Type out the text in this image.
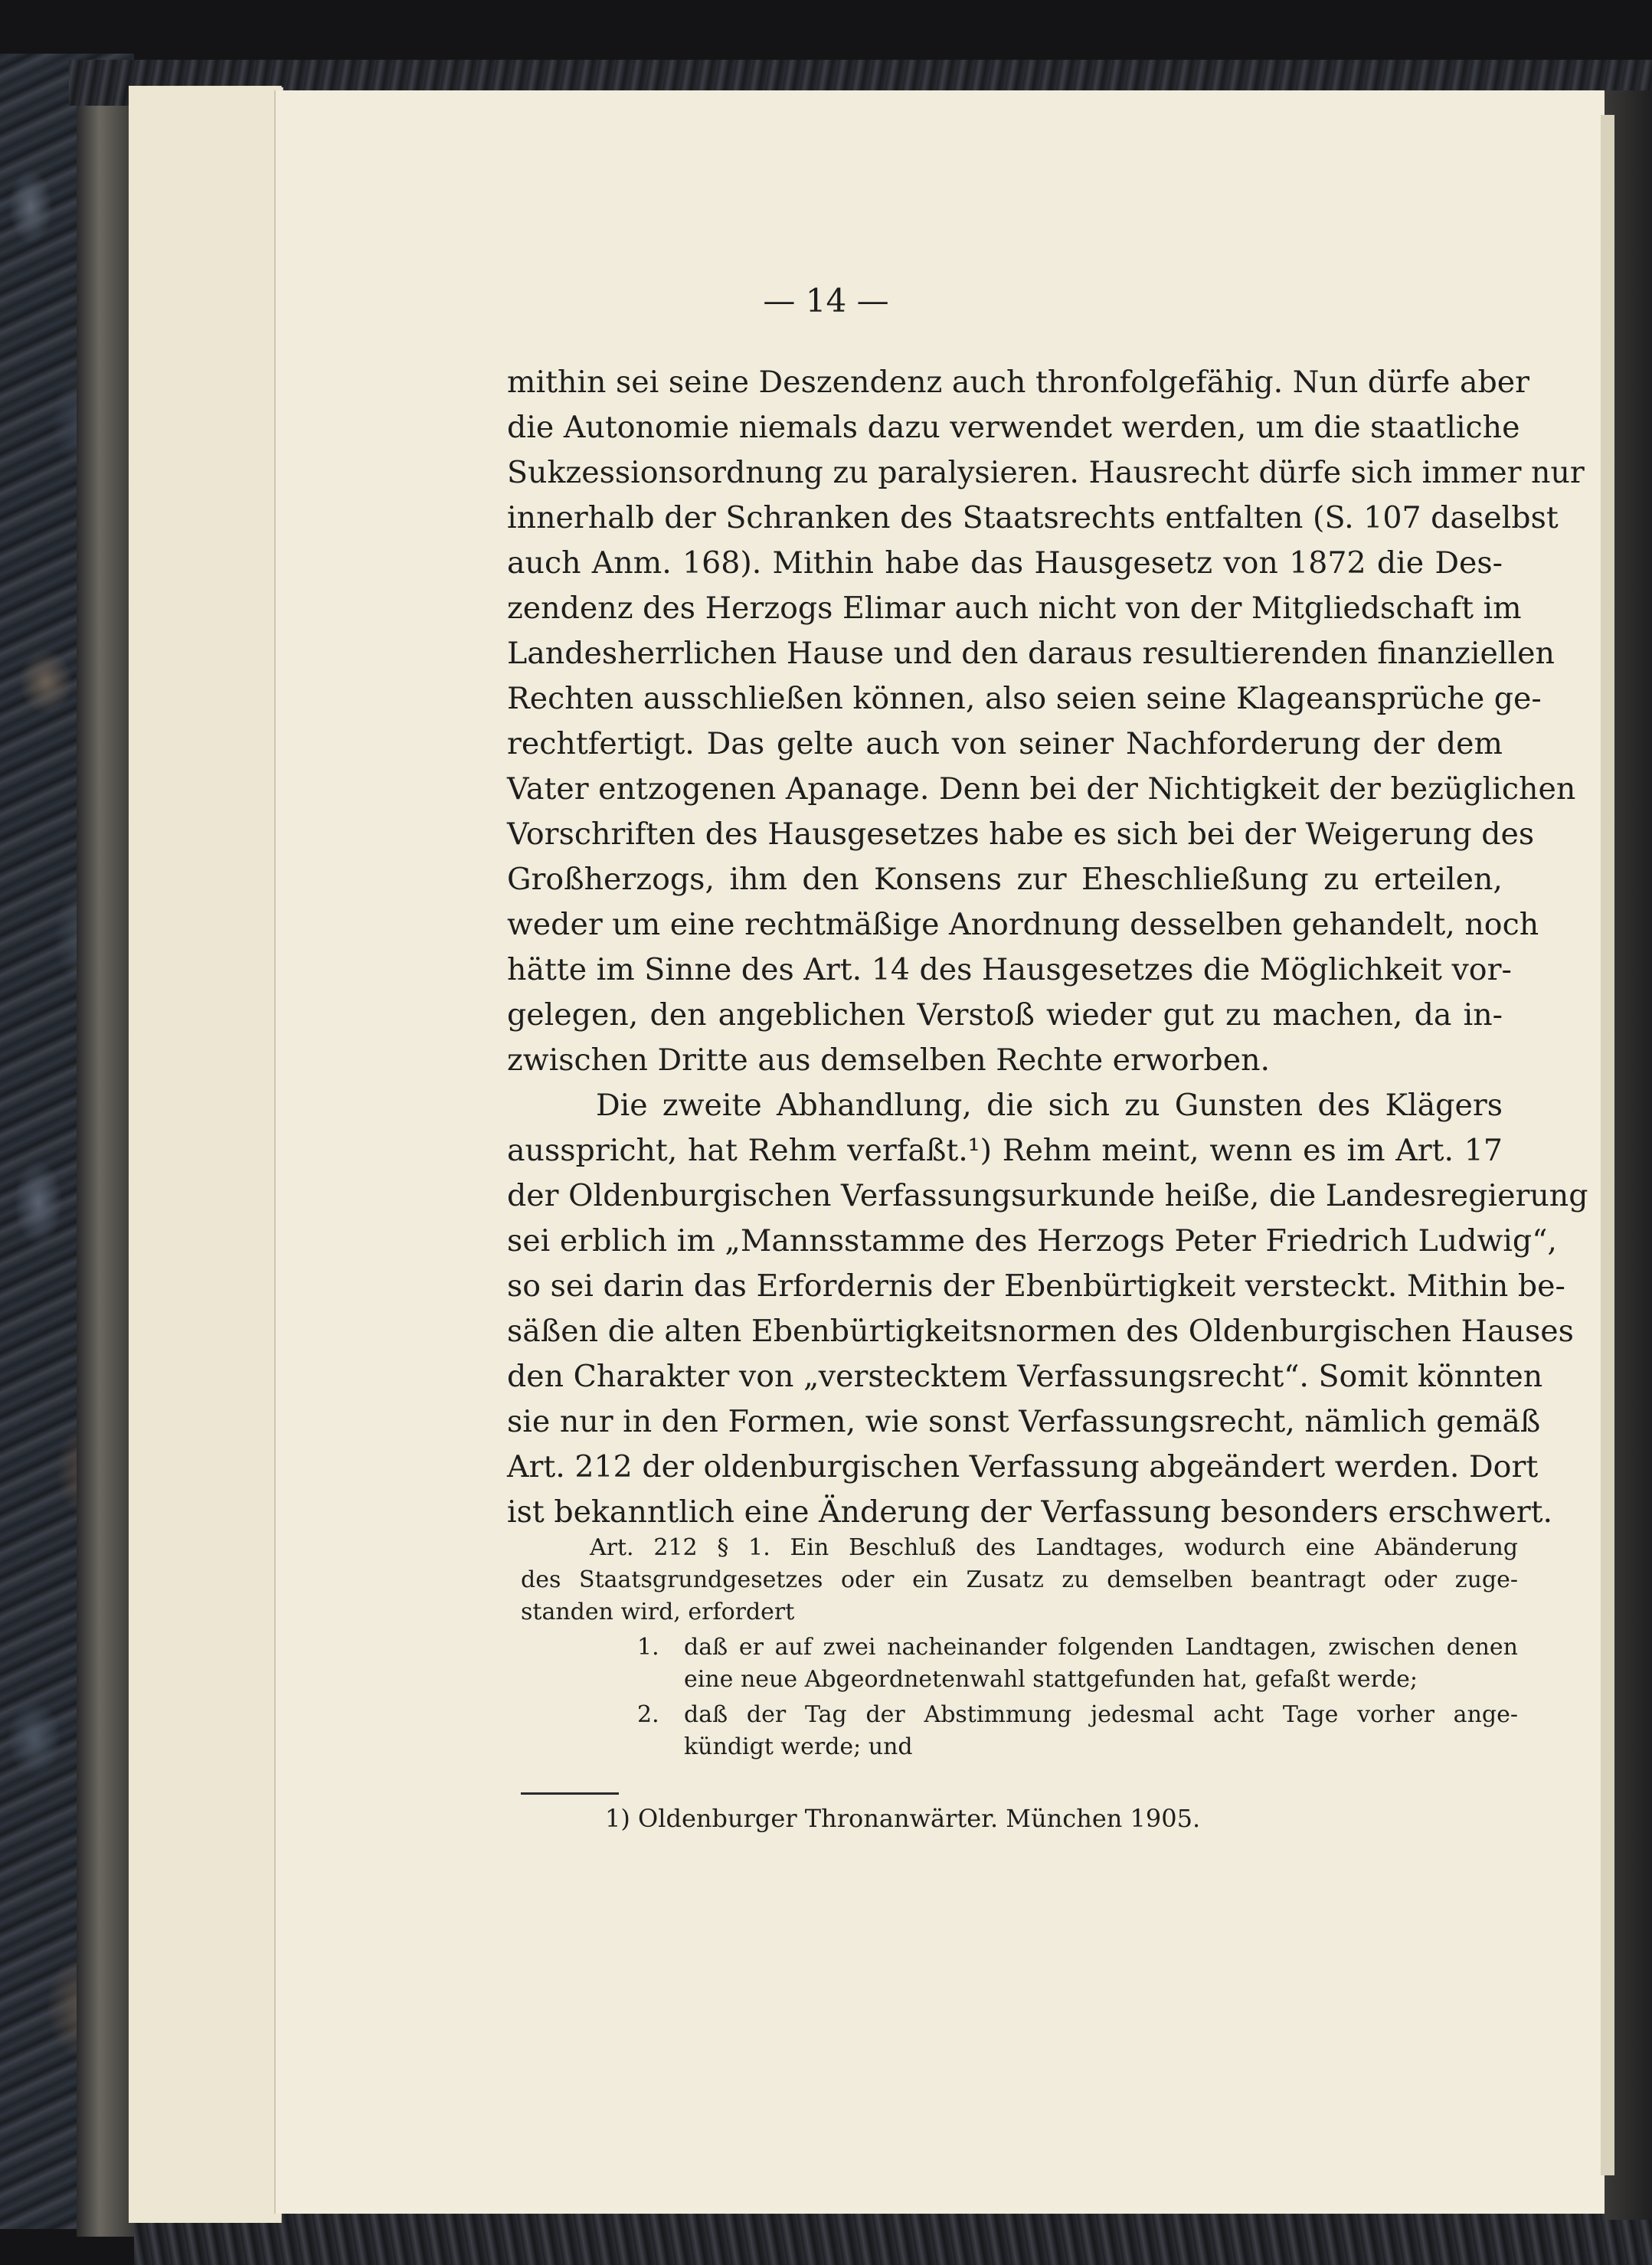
— 14 —
mithin sei seine Deszendenz auch thronfolgefähig. Nun dürfe aber
die Autonomie niemals dazu verwendet werden, um die staatliche
Sukzessionsordnung zu paralysieren. Hausrecht dürfe sich immer nur
innerhalb der Schranken des Staatsrechts entfalten (S. 107 daselbst
auch Anm. 168). Mithin habe das Hausgesetz von 1872 die Des-
zendenz des Herzogs Elimar auch nicht von der Mitgliedschaft im
Landesherrlichen Hause und den daraus resultierenden finanziellen
Rechten ausschließen können, also seien seine Klageansprüche ge-
rechtfertigt. Das gelte auch von seiner Nachforderung der dem
Vater entzogenen Apanage. Denn bei der Nichtigkeit der bezüglichen
Vorschriften des Hausgesetzes habe es sich bei der Weigerung des
Großherzogs, ihm den Konsens zur Eheschließung zu erteilen,
weder um eine rechtmäßige Anordnung desselben gehandelt, noch
hätte im Sinne des Art. 14 des Hausgesetzes die Möglichkeit vor-
gelegen, den angeblichen Verstoß wieder gut zu machen, da in-
zwischen Dritte aus demselben Rechte erworben.
Die zweite Abhandlung, die sich zu Gunsten des Klägers
ausspricht, hat Rehm verfaßt.¹) Rehm meint, wenn es im Art. 17
der Oldenburgischen Verfassungsurkunde heiße, die Landesregierung
sei erblich im „Mannsstamme des Herzogs Peter Friedrich Ludwig“,
so sei darin das Erfordernis der Ebenbürtigkeit versteckt. Mithin be-
säßen die alten Ebenbürtigkeitsnormen des Oldenburgischen Hauses
den Charakter von „verstecktem Verfassungsrecht“. Somit könnten
sie nur in den Formen, wie sonst Verfassungsrecht, nämlich gemäß
Art. 212 der oldenburgischen Verfassung abgeändert werden. Dort
ist bekanntlich eine Änderung der Verfassung besonders erschwert.
Art. 212 § 1. Ein Beschluß des Landtages, wodurch eine Abänderung
des Staatsgrundgesetzes oder ein Zusatz zu demselben beantragt oder zuge-
standen wird, erfordert
1. daß er auf zwei nacheinander folgenden Landtagen, zwischen denen
eine neue Abgeordnetenwahl stattgefunden hat, gefaßt werde;
2. daß der Tag der Abstimmung jedesmal acht Tage vorher ange-
kündigt werde; und
1) Oldenburger Thronanwärter. München 1905.
